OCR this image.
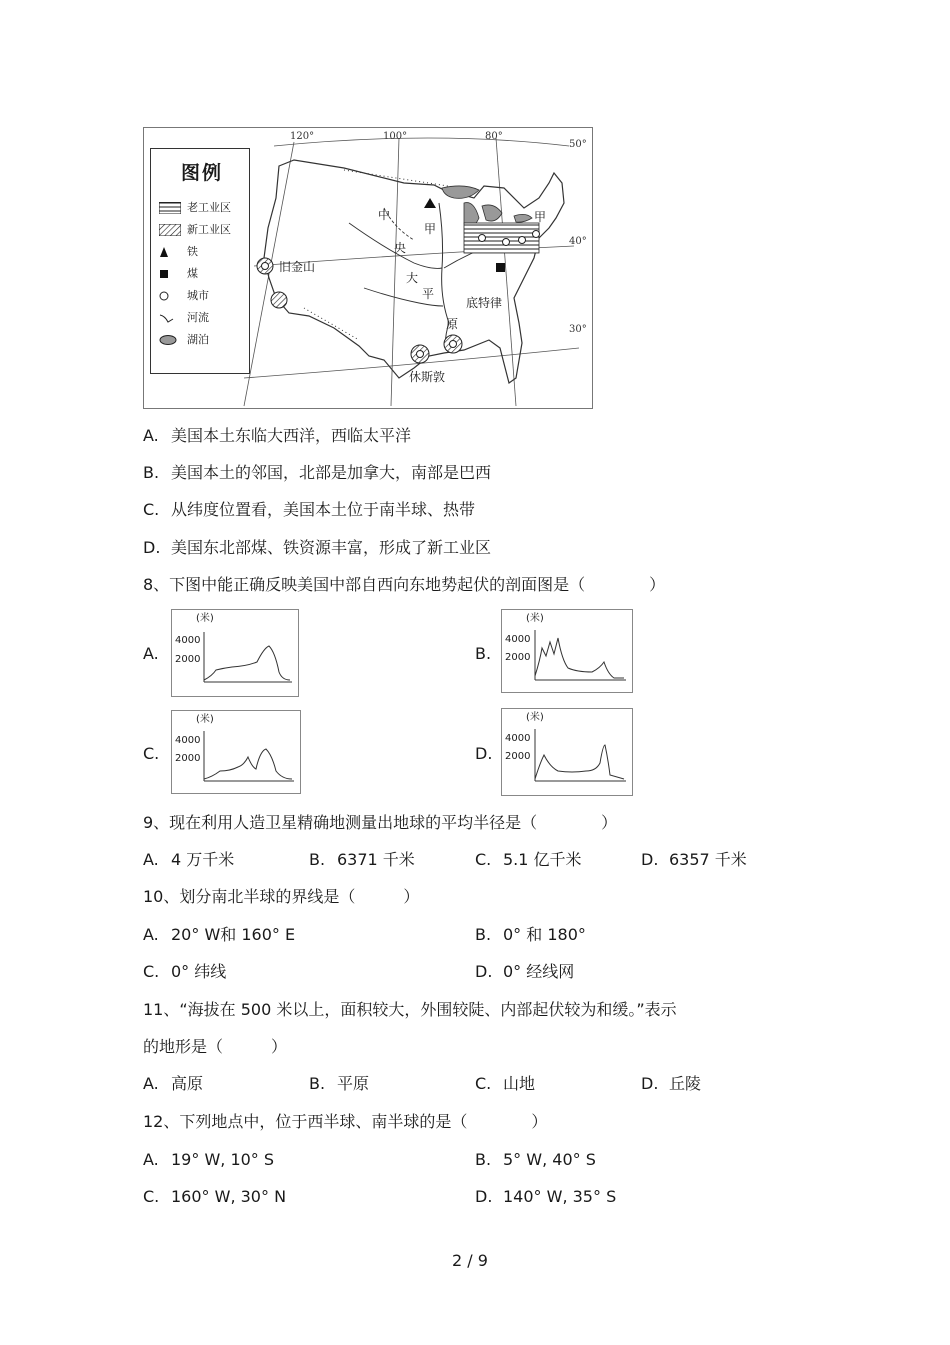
图例
老工业区
新工业区
铁
煤
城市
河流
湖泊
120°	100°	80°
50°
40°
30°
中
央
大
平
原
甲
甲
旧金山
底特律
休斯敦
A. 美国本土东临大西洋，西临太平洋
B. 美国本土的邻国，北部是加拿大，南部是巴西
C. 从纬度位置看，美国本土位于南半球、热带
D. 美国东北部煤、铁资源丰富，形成了新工业区
8、下图中能正确反映美国中部自西向东地势起伏的剖面图是（　　　　）
A.
(米)
4000
2000	B.
(米)
4000
2000
C.
(米)
4000
2000	D.
(米)
4000
2000
9、现在利用人造卫星精确地测量出地球的平均半径是（　　　　）
A. 4 万千米	B. 6371 千米	C. 5.1 亿千米	D. 6357 千米
10、划分南北半球的界线是（　　　）
A. 20° W和 160° E	B. 0° 和 180°
C. 0° 纬线	D. 0° 经线网
11、“海拔在 500 米以上，面积较大，外围较陡、内部起伏较为和缓。”表示
的地形是（　　　）
A. 高原	B. 平原	C. 山地	D. 丘陵
12、下列地点中，位于西半球、南半球的是（　　　　）
A. 19° W, 10° S	B. 5° W, 40° S
C. 160° W, 30° N	D. 140° W, 35° S
2 / 9
